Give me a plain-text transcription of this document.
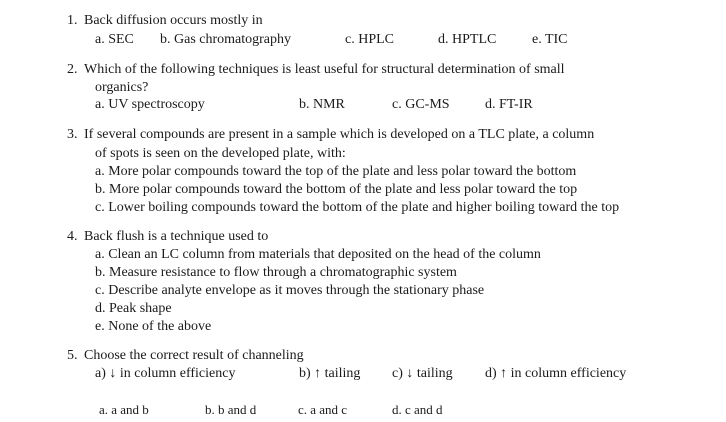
1. Back diffusion occurs mostly in
a. SEC b. Gas chromatography	c. HPLC	d. HPTLC	e. TIC
2. Which of the following techniques is least useful for structural determination of small
organics?
a. UV spectroscopy	b. NMR	c. GC-MS	d. FT-IR
3. If several compounds are present in a sample which is developed on a TLC plate, a column
of spots is seen on the developed plate, with:
a. More polar compounds toward the top of the plate and less polar toward the bottom
b. More polar compounds toward the bottom of the plate and less polar toward the top
c. Lower boiling compounds toward the bottom of the plate and higher boiling toward the top
4. Back flush is a technique used to
a. Clean an LC column from materials that deposited on the head of the column
b. Measure resistance to flow through a chromatographic system
c. Describe analyte envelope as it moves through the stationary phase
d. Peak shape
e. None of the above
5. Choose the correct result of channeling
a) ↓ in column efficiency	b) ↑ tailing c) ↓ tailing d) ↑ in column efficiency
a. a and b	b. b and d	c. a and c	d. c and d
